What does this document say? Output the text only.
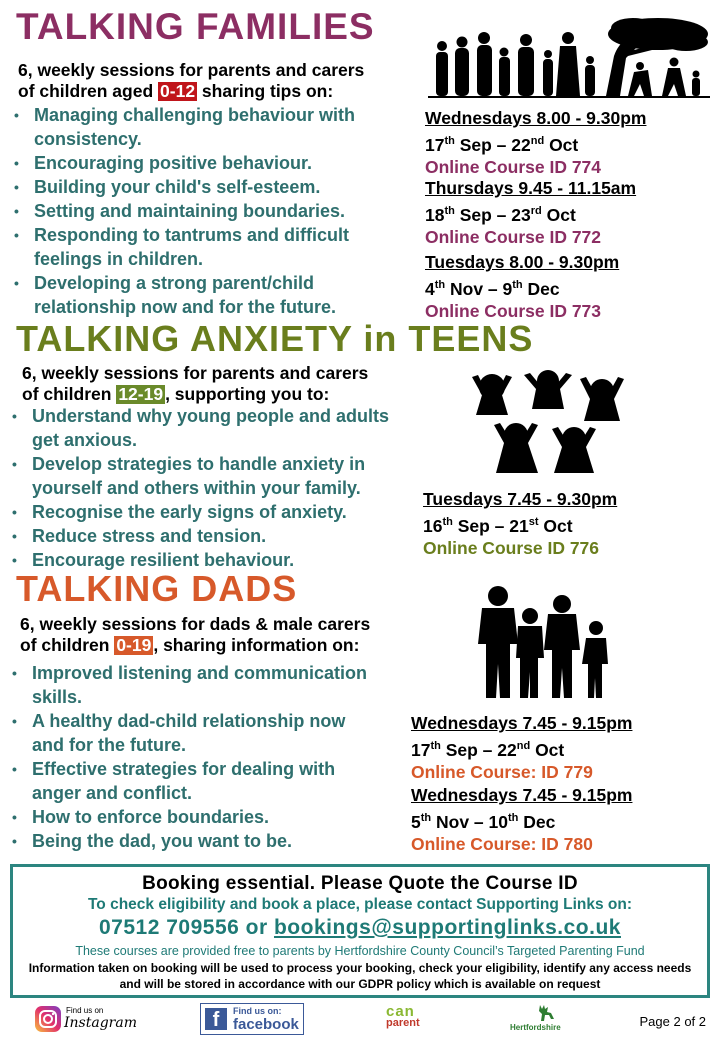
TALKING FAMILIES
6, weekly sessions for parents and carers
of children aged 0-12 sharing tips on:
• Managing challenging behaviour with consistency.
• Encouraging positive behaviour.
• Building your child's self-esteem.
• Setting and maintaining boundaries.
• Responding to tantrums and difficult feelings in children.
• Developing a strong parent/child relationship now and for the future.
Wednesdays 8.00 - 9.30pm
17th Sep – 22nd Oct
Online Course ID 774
Thursdays 9.45 - 11.15am
18th Sep – 23rd Oct
Online Course ID 772
Tuesdays 8.00 - 9.30pm
4th Nov – 9th Dec
Online Course ID 773
TALKING ANXIETY in TEENS
6, weekly sessions for parents and carers
of children 12-19 , supporting you to:
• Understand why young people and adults get anxious.
• Develop strategies to handle anxiety in yourself and others within your family.
• Recognise the early signs of anxiety.
• Reduce stress and tension.
• Encourage resilient behaviour.
Tuesdays 7.45 - 9.30pm
16th Sep – 21st Oct
Online Course ID 776
TALKING DADS
6, weekly sessions for dads & male carers
of children 0-19 , sharing information on:
• Improved listening and communication skills.
• A healthy dad-child relationship now and for the future.
• Effective strategies for dealing with anger and conflict.
• How to enforce boundaries.
• Being the dad, you want to be.
Wednesdays 7.45 - 9.15pm
17th Sep – 22nd Oct
Online Course: ID 779
Wednesdays 7.45 - 9.15pm
5th Nov – 10th Dec
Online Course: ID 780
Booking essential. Please Quote the Course ID
To check eligibility and book a place, please contact Supporting Links on:
07512 709556 or bookings@supportinglinks.co.uk
These courses are provided free to parents by Hertfordshire County Council’s Targeted Parenting Fund
Information taken on booking will be used to process your booking, check your eligibility, identify any access needs and will be stored in accordance with our GDPR policy which is available on request
Find us on
Instagram	f	Find us on:
facebook
can
parent	Hertfordshire	Page 2 of 2
